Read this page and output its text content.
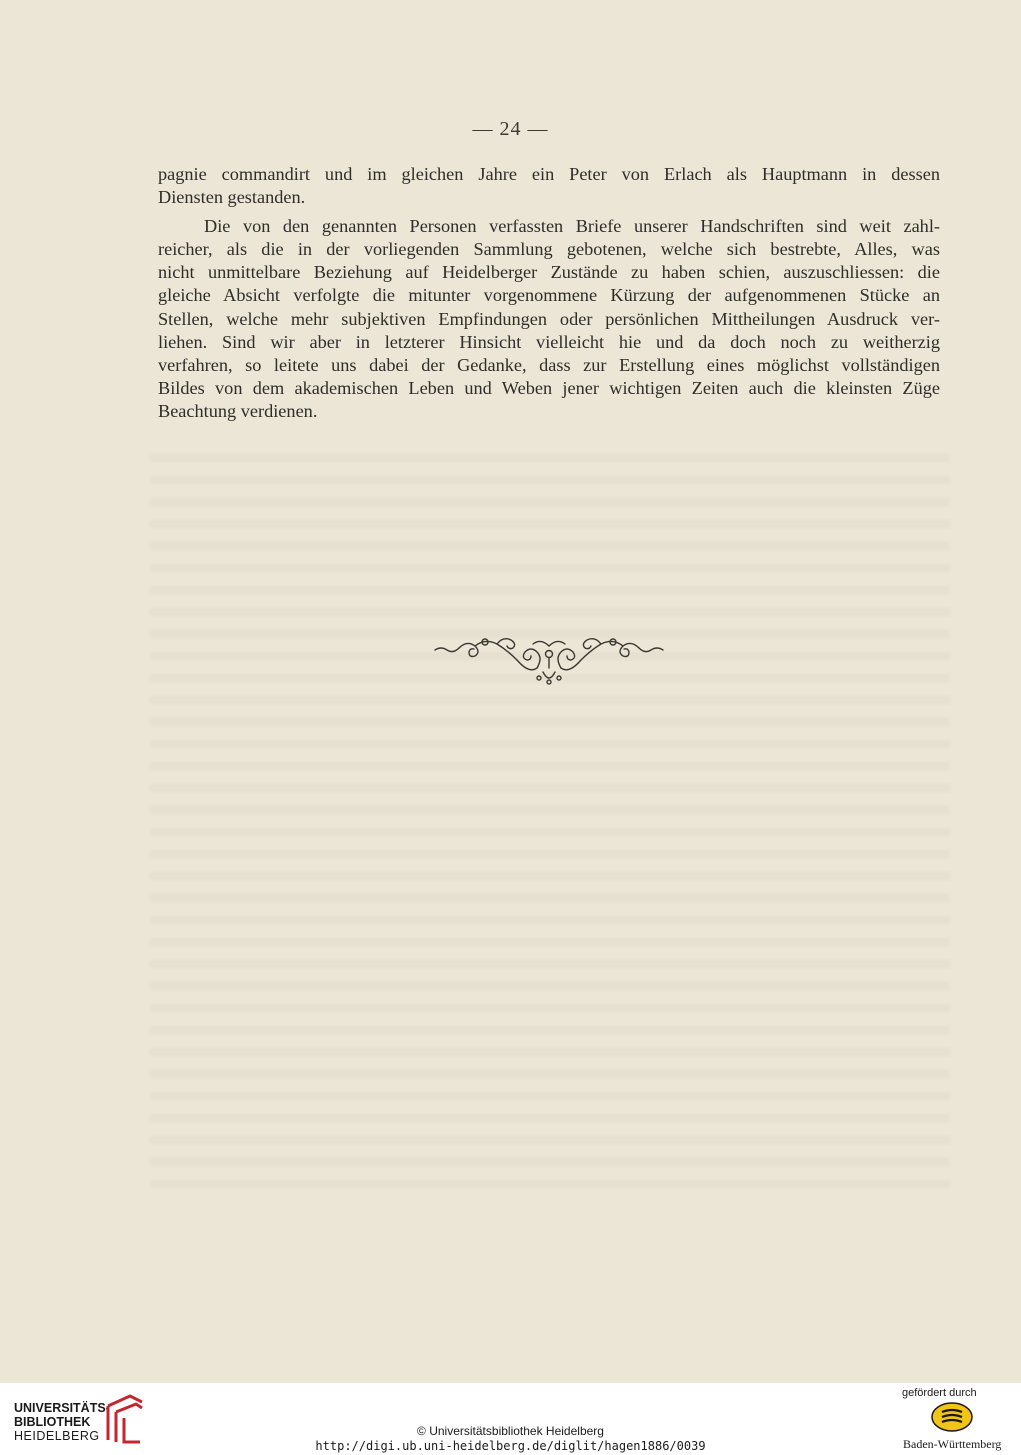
— 24 —
pagnie commandirt und im gleichen Jahre ein Peter von Erlach als Hauptmann in dessen
Diensten gestanden.
Die von den genannten Personen verfassten Briefe unserer Handschriften sind weit zahl-
reicher, als die in der vorliegenden Sammlung gebotenen, welche sich bestrebte, Alles, was
nicht unmittelbare Beziehung auf Heidelberger Zustände zu haben schien, auszuschliessen: die
gleiche Absicht verfolgte die mitunter vorgenommene Kürzung der aufgenommenen Stücke an
Stellen, welche mehr subjektiven Empfindungen oder persönlichen Mittheilungen Ausdruck ver-
liehen. Sind wir aber in letzterer Hinsicht vielleicht hie und da doch noch zu weitherzig
verfahren, so leitete uns dabei der Gedanke, dass zur Erstellung eines möglichst vollständigen
Bildes von dem akademischen Leben und Weben jener wichtigen Zeiten auch die kleinsten Züge
Beachtung verdienen.
UNIVERSITÄTS-
BIBLIOTHEK
HEIDELBERG	© Universitätsbibliothek Heidelberg
http://digi.ub.uni-heidelberg.de/diglit/hagen1886/0039
gefördert durch
Baden-Württemberg
